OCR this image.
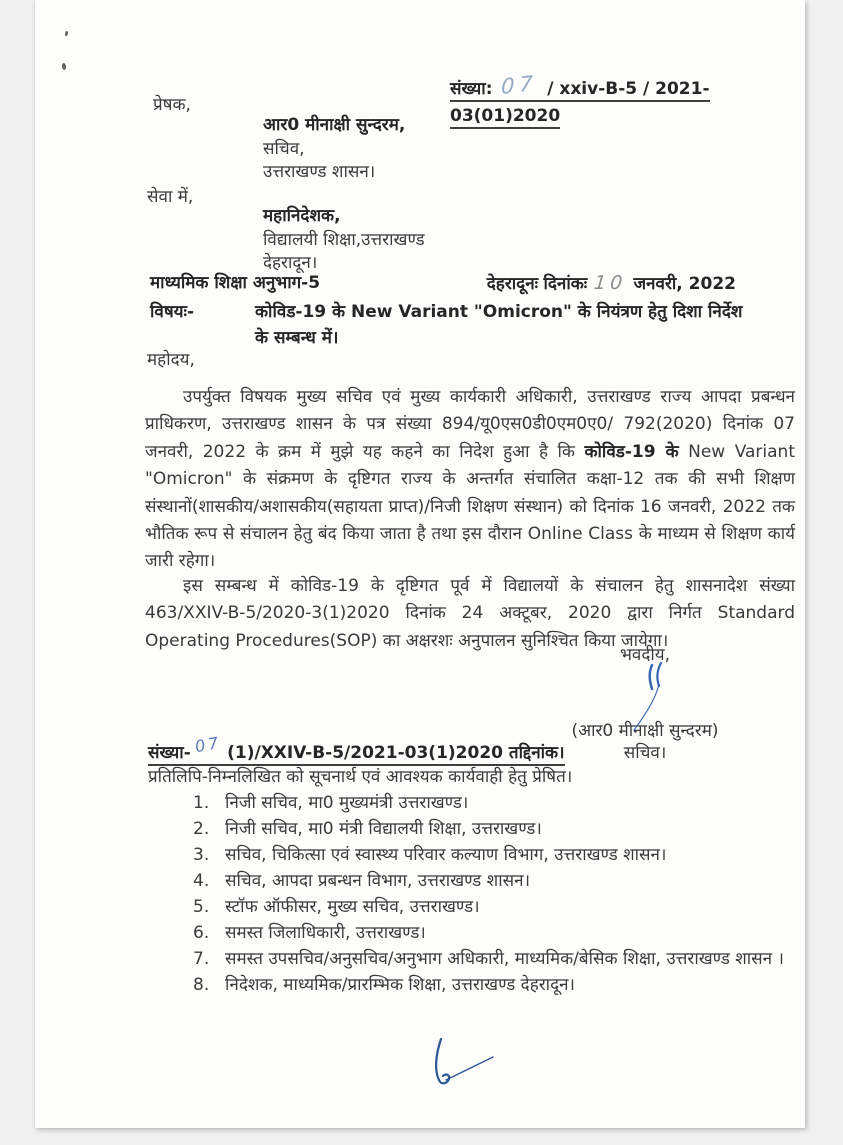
संख्या: 07 / xxiv-B-5 / 2021-03(01)2020
प्रेषक,
आर0 मीनाक्षी सुन्दरम,
सचिव,
उत्तराखण्ड शासन।
सेवा में,
महानिदेशक,
विद्यालयी शिक्षा,उत्तराखण्ड
देहरादून।
माध्यमिक शिक्षा अनुभाग-5	देहरादूनः दिनांकः 10 जनवरी, 2022
विषयः-	कोविड-19 के New Variant "Omicron" के नियंत्रण हेतु दिशा निर्देश के सम्बन्ध में।
महोदय,

उपर्युक्त विषयक मुख्य सचिव एवं मुख्य कार्यकारी अधिकारी, उत्तराखण्ड राज्य आपदा प्रबन्धन प्राधिकरण, उत्तराखण्ड शासन के पत्र संख्या 894/यू0एस0डी0एम0ए0/ 792(2020) दिनांक 07 जनवरी, 2022 के क्रम में मुझे यह कहने का निदेश हुआ है कि कोविड-19 के New Variant "Omicron" के संक्रमण के दृष्टिगत राज्य के अन्तर्गत संचालित कक्षा-12 तक की सभी शिक्षण संस्थानों(शासकीय/अशासकीय(सहायता प्राप्त)/निजी शिक्षण संस्थान) को दिनांक 16 जनवरी, 2022 तक भौतिक रूप से संचालन हेतु बंद किया जाता है तथा इस दौरान Online Class के माध्यम से शिक्षण कार्य जारी रहेगा।

इस सम्बन्ध में कोविड-19 के दृष्टिगत पूर्व में विद्यालयों के संचालन हेतु शासनादेश संख्या 463/XXIV-B-5/2020-3(1)2020 दिनांक 24 अक्टूबर, 2020 द्वारा निर्गत Standard Operating Procedures(SOP) का अक्षरशः अनुपालन सुनिश्चित किया जायेगा।

भवदीय,
(आर0 मीनाक्षी सुन्दरम)
सचिव।
संख्या- 07 (1)/XXIV-B-5/2021-03(1)2020 तद्दिनांक।
प्रतिलिपि-निम्नलिखित को सूचनार्थ एवं आवश्यक कार्यवाही हेतु प्रेषित।
1. निजी सचिव, मा0 मुख्यमंत्री उत्तराखण्ड।
2. निजी सचिव, मा0 मंत्री विद्यालयी शिक्षा, उत्तराखण्ड।
3. सचिव, चिकित्सा एवं स्वास्थ्य परिवार कल्याण विभाग, उत्तराखण्ड शासन।
4. सचिव, आपदा प्रबन्धन विभाग, उत्तराखण्ड शासन।
5. स्टॉफ ऑफीसर, मुख्य सचिव, उत्तराखण्ड।
6. समस्त जिलाधिकारी, उत्तराखण्ड।
7. समस्त उपसचिव/अनुसचिव/अनुभाग अधिकारी, माध्यमिक/बेसिक शिक्षा, उत्तराखण्ड शासन ।
8. निदेशक, माध्यमिक/प्रारम्भिक शिक्षा, उत्तराखण्ड देहरादून।
